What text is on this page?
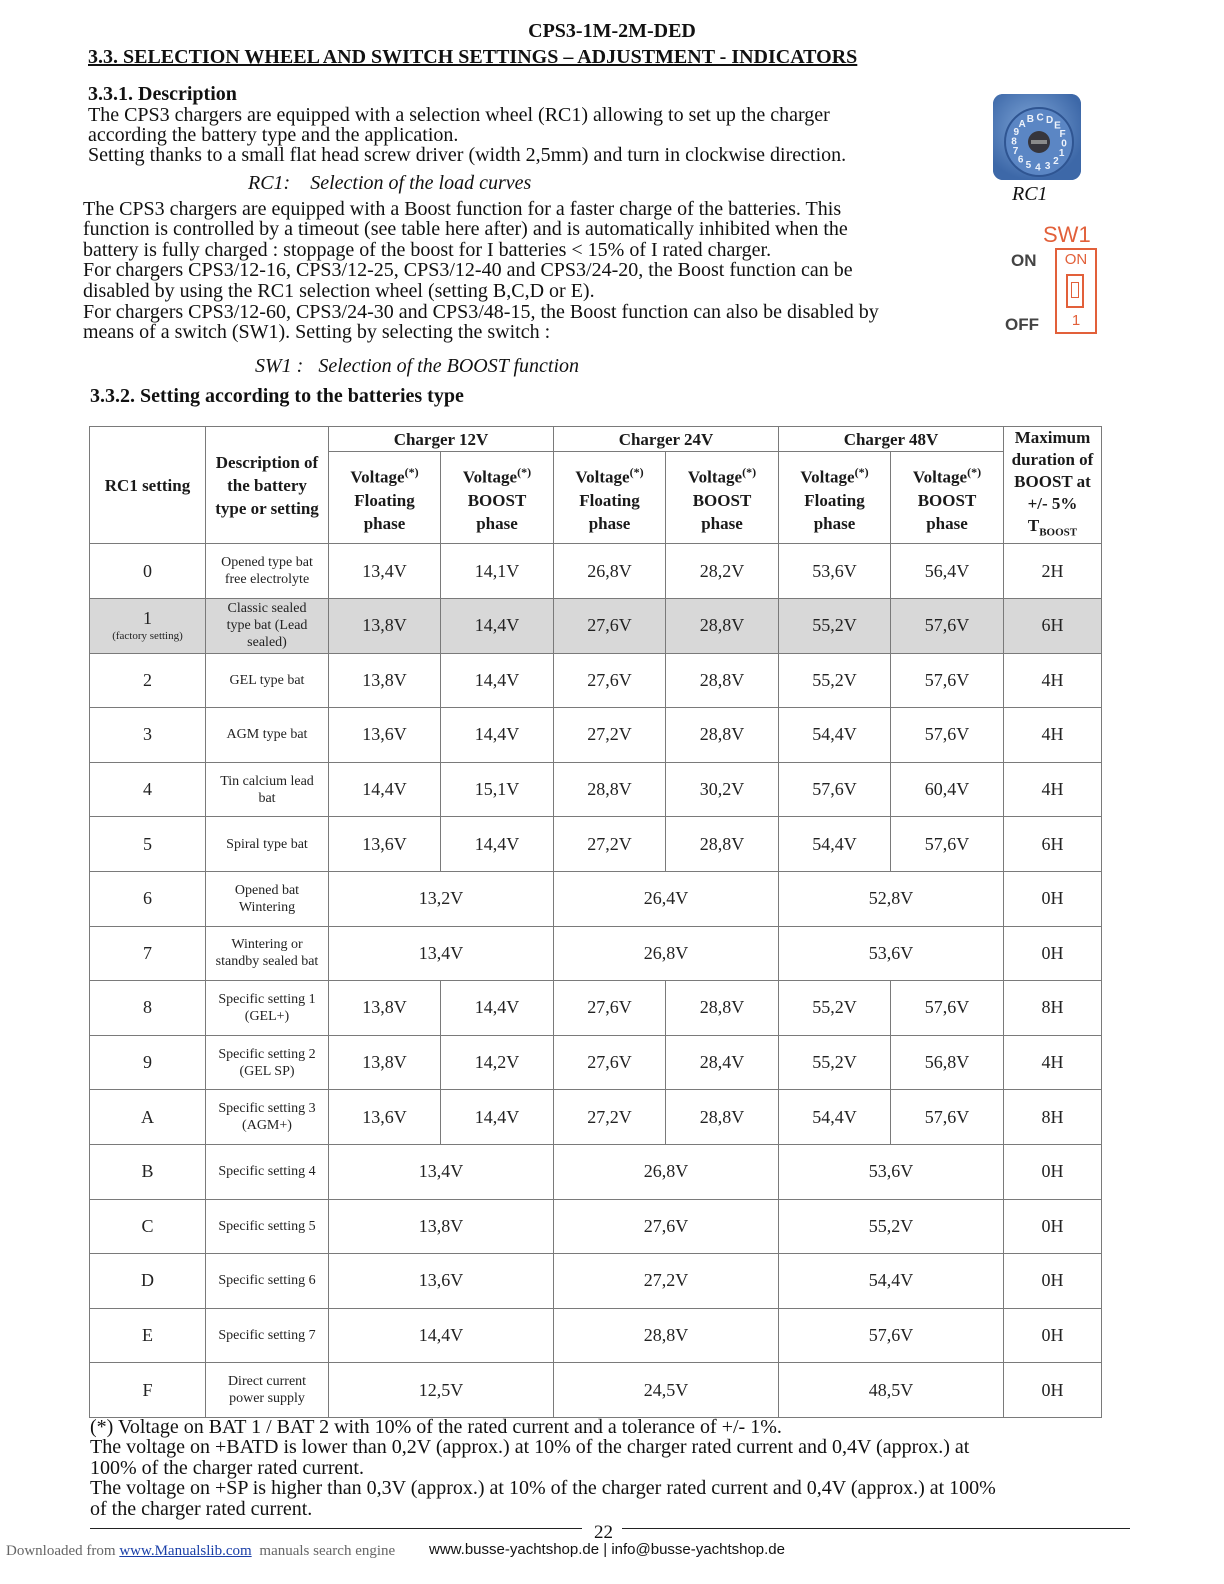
CPS3-1M-2M-DED
3.3. SELECTION WHEEL AND SWITCH SETTINGS – ADJUSTMENT - INDICATORS
3.3.1. Description
The CPS3 chargers are equipped with a selection wheel (RC1) allowing to set up the charger
according the battery type and the application.
Setting thanks to a small flat head screw driver (width 2,5mm) and turn in clockwise direction.
RC1:    Selection of the load curves
The CPS3 chargers are equipped with a Boost function for a faster charge of the batteries. This
function is controlled by a timeout (see table here after) and is automatically inhibited when the
battery is fully charged : stoppage of the boost for I batteries < 15% of I rated charger.
For chargers CPS3/12-16, CPS3/12-25, CPS3/12-40 and CPS3/24-20, the Boost function can be
disabled by using the RC1 selection wheel (setting B,C,D or E).
For chargers CPS3/12-60, CPS3/24-30 and CPS3/48-15, the Boost function can also be disabled by
means of a switch (SW1). Setting by selecting the switch :
SW1 :   Selection of the BOOST function
7
8
9
A B C D
E
F
0
1
2
3
4
5
6
RC1
SW1
ON
OFF
ON
1
3.3.2. Setting according to the batteries type
RC1 setting	Description of
the battery
type or setting	Charger 12V		Charger 24V		Charger 48V		Maximum
duration of
BOOST at
+/- 5%
$T_{BOOST}$
		Voltage(*)
Floating
phase	Voltage(*)
BOOST
phase	Voltage(*)
Floating
phase	Voltage(*)
BOOST
phase	Voltage(*)
Floating
phase	Voltage(*)
BOOST
phase	
0	Opened type bat
free electrolyte	13,4V	14,1V	26,8V	28,2V	53,6V	56,4V	2H
1
(factory setting)	Classic sealed
type bat (Lead
sealed)	13,8V	14,4V	27,6V	28,8V	55,2V	57,6V	6H
2	GEL type bat	13,8V	14,4V	27,6V	28,8V	55,2V	57,6V	4H
3	AGM type bat	13,6V	14,4V	27,2V	28,8V	54,4V	57,6V	4H
4	Tin calcium lead
bat	14,4V	15,1V	28,8V	30,2V	57,6V	60,4V	4H
5	Spiral type bat	13,6V	14,4V	27,2V	28,8V	54,4V	57,6V	6H
6	Opened bat
Wintering	13,2V		26,4V		52,8V		0H
7	Wintering or
standby sealed bat	13,4V		26,8V		53,6V		0H
8	Specific setting 1
(GEL+)	13,8V	14,4V	27,6V	28,8V	55,2V	57,6V	8H
9	Specific setting 2
(GEL SP)	13,8V	14,2V	27,6V	28,4V	55,2V	56,8V	4H
A	Specific setting 3
(AGM+)	13,6V	14,4V	27,2V	28,8V	54,4V	57,6V	8H
B	Specific setting 4	13,4V		26,8V		53,6V		0H
C	Specific setting 5	13,8V		27,6V		55,2V		0H
D	Specific setting 6	13,6V		27,2V		54,4V		0H
E	Specific setting 7	14,4V		28,8V		57,6V		0H
F	Direct current
power supply	12,5V		24,5V		48,5V		0H
(*) Voltage on BAT 1 / BAT 2 with 10% of the rated current and a tolerance of +/- 1%.
The voltage on +BATD is lower than 0,2V (approx.) at 10% of the charger rated current and 0,4V (approx.) at
100% of the charger rated current.
The voltage on +SP is higher than 0,3V (approx.) at 10% of the charger rated current and 0,4V (approx.) at 100%
of the charger rated current.
22
Downloaded from www.Manualslib.com manuals search engine www.busse-yachtshop.de | info@busse-yachtshop.de
